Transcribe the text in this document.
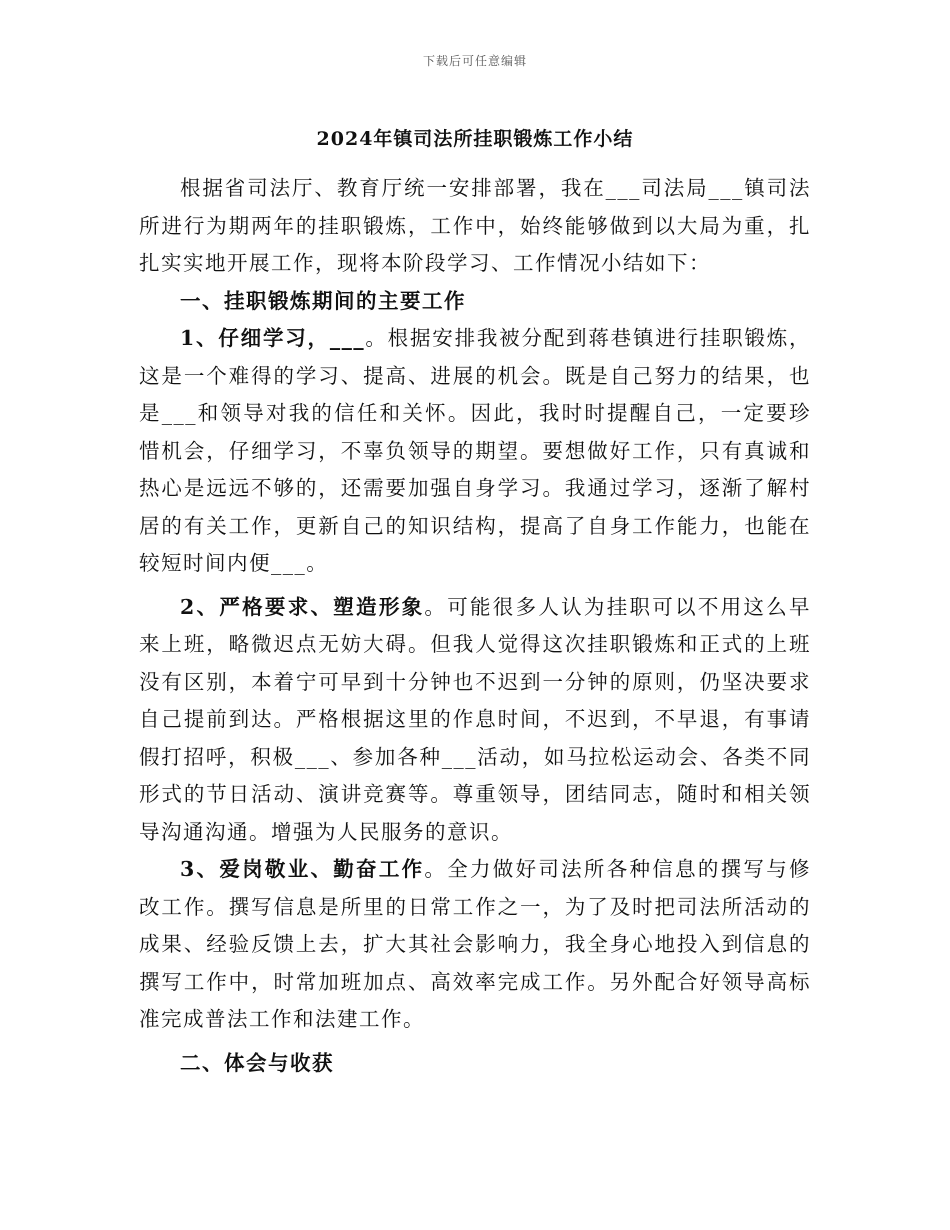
下载后可任意编辑
2024年镇司法所挂职锻炼工作小结

根据省司法厅、教育厅统一安排部署，我在___司法局___镇司法所进行为期两年的挂职锻炼，工作中，始终能够做到以大局为重，扎扎实实地开展工作，现将本阶段学习、工作情况小结如下：

一、挂职锻炼期间的主要工作

1、仔细学习，___。根据安排我被分配到蒋巷镇进行挂职锻炼，这是一个难得的学习、提高、进展的机会。既是自己努力的结果，也是___和领导对我的信任和关怀。因此，我时时提醒自己，一定要珍惜机会，仔细学习，不辜负领导的期望。要想做好工作，只有真诚和热心是远远不够的，还需要加强自身学习。我通过学习，逐渐了解村居的有关工作，更新自己的知识结构，提高了自身工作能力，也能在较短时间内便___。

2、严格要求、塑造形象。可能很多人认为挂职可以不用这么早来上班，略微迟点无妨大碍。但我人觉得这次挂职锻炼和正式的上班没有区别，本着宁可早到十分钟也不迟到一分钟的原则，仍坚决要求自己提前到达。严格根据这里的作息时间，不迟到，不早退，有事请假打招呼，积极___、参加各种___活动，如马拉松运动会、各类不同形式的节日活动、演讲竞赛等。尊重领导，团结同志，随时和相关领导沟通沟通。增强为人民服务的意识。

3、爱岗敬业、勤奋工作。全力做好司法所各种信息的撰写与修改工作。撰写信息是所里的日常工作之一，为了及时把司法所活动的成果、经验反馈上去，扩大其社会影响力，我全身心地投入到信息的撰写工作中，时常加班加点、高效率完成工作。另外配合好领导高标准完成普法工作和法建工作。

二、体会与收获
